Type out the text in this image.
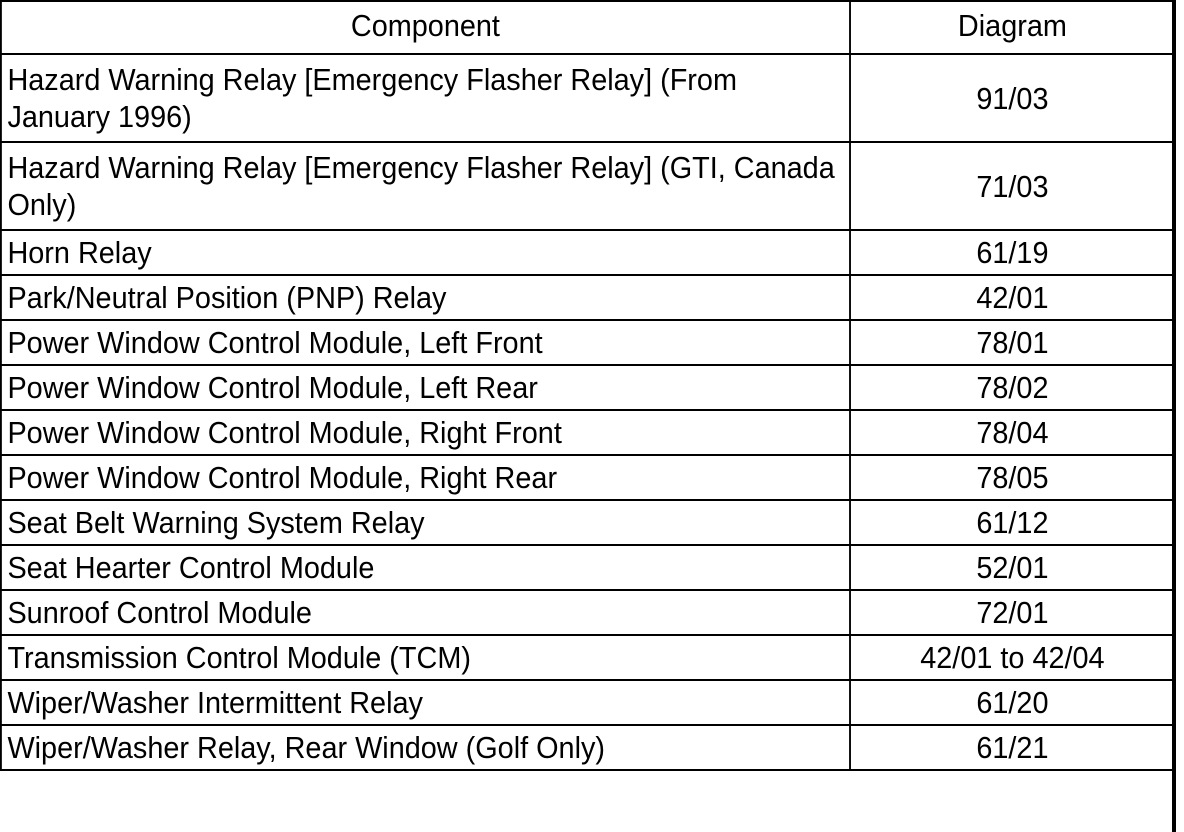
Component	Diagram
Hazard Warning Relay [Emergency Flasher Relay] (From January 1996)	91/03
Hazard Warning Relay [Emergency Flasher Relay] (GTI, Canada Only)	71/03
Horn Relay	61/19
Park/Neutral Position (PNP) Relay	42/01
Power Window Control Module, Left Front	78/01
Power Window Control Module, Left Rear	78/02
Power Window Control Module, Right Front	78/04
Power Window Control Module, Right Rear	78/05
Seat Belt Warning System Relay	61/12
Seat Hearter Control Module	52/01
Sunroof Control Module	72/01
Transmission Control Module (TCM)	42/01 to 42/04
Wiper/Washer Intermittent Relay	61/20
Wiper/Washer Relay, Rear Window (Golf Only)	61/21
